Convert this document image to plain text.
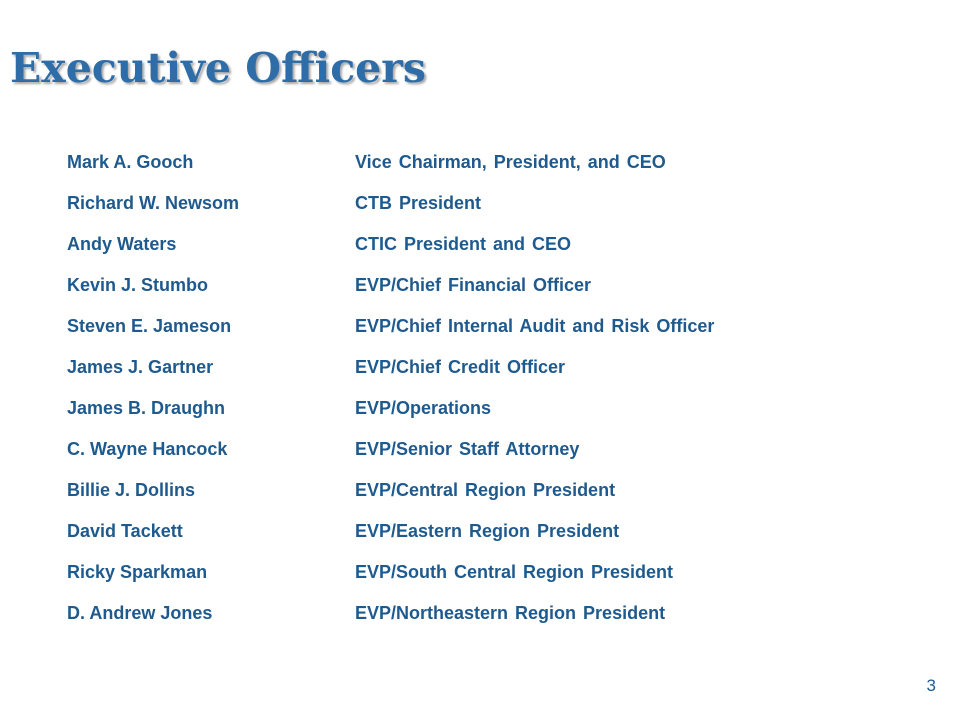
Executive Officers
Mark A. Gooch	Vice Chairman, President, and CEO
Richard W. Newsom	CTB President
Andy Waters	CTIC President and CEO
Kevin J. Stumbo	EVP/Chief Financial Officer
Steven E. Jameson	EVP/Chief Internal Audit and Risk Officer
James J. Gartner	EVP/Chief Credit Officer
James B. Draughn	EVP/Operations
C. Wayne Hancock	EVP/Senior Staff Attorney
Billie J. Dollins	EVP/Central Region President
David Tackett	EVP/Eastern Region President
Ricky Sparkman	EVP/South Central Region President
D. Andrew Jones	EVP/Northeastern Region President
3
